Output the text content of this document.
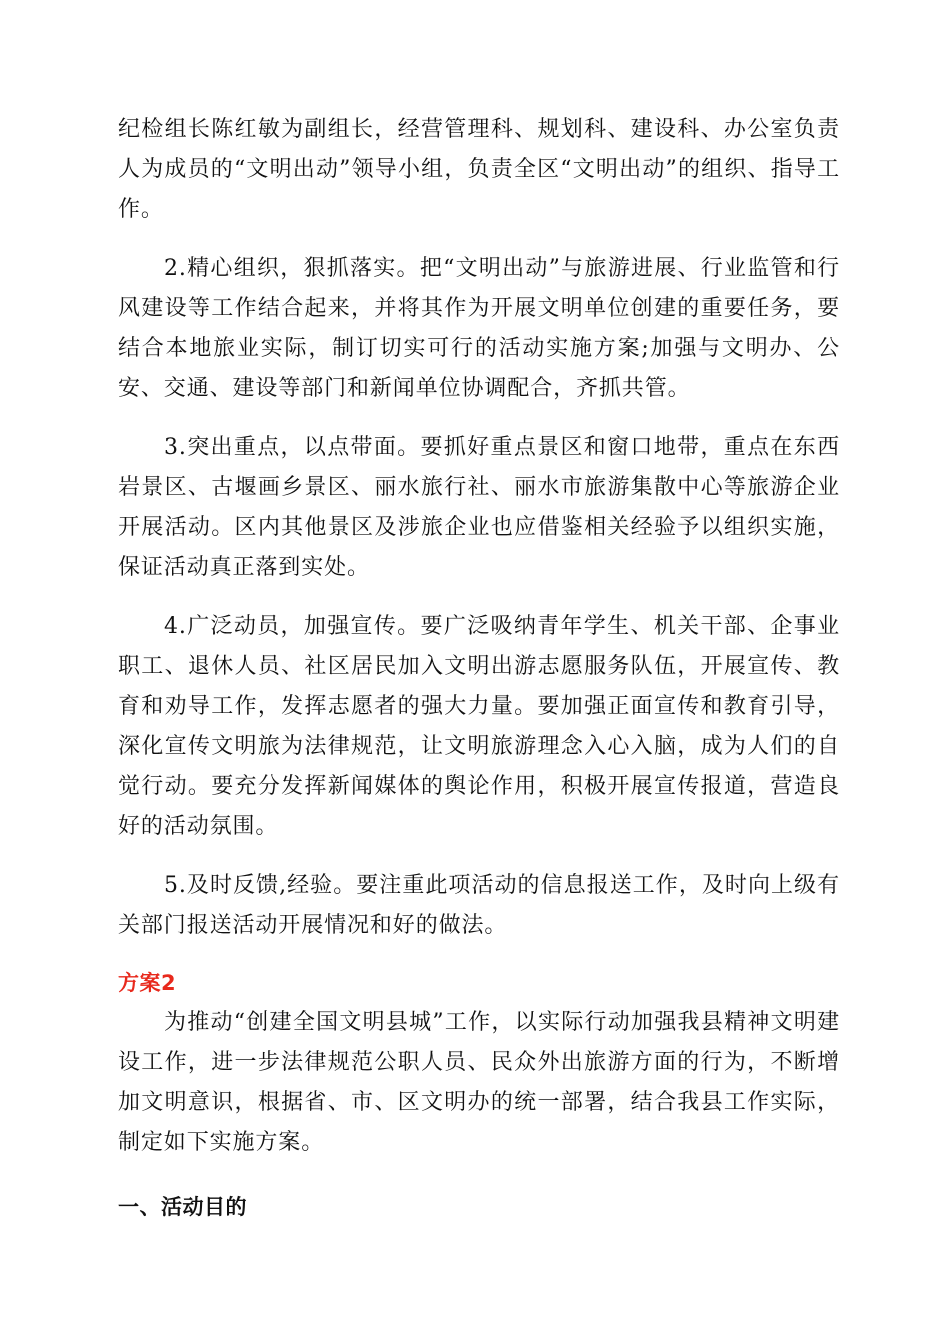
纪检组长陈红敏为副组长，经营管理科、规划科、建设科、办公室负责人为成员的“文明出动”领导小组，负责全区“文明出动”的组织、指导工作。

2.精心组织，狠抓落实。把“文明出动”与旅游进展、行业监管和行风建设等工作结合起来，并将其作为开展文明单位创建的重要任务，要结合本地旅业实际，制订切实可行的活动实施方案;加强与文明办、公安、交通、建设等部门和新闻单位协调配合，齐抓共管。

3.突出重点，以点带面。要抓好重点景区和窗口地带，重点在东西岩景区、古堰画乡景区、丽水旅行社、丽水市旅游集散中心等旅游企业开展活动。区内其他景区及涉旅企业也应借鉴相关经验予以组织实施，保证活动真正落到实处。

4.广泛动员，加强宣传。要广泛吸纳青年学生、机关干部、企事业职工、退休人员、社区居民加入文明出游志愿服务队伍，开展宣传、教育和劝导工作，发挥志愿者的强大力量。要加强正面宣传和教育引导，深化宣传文明旅为法律规范，让文明旅游理念入心入脑，成为人们的自觉行动。要充分发挥新闻媒体的舆论作用，积极开展宣传报道，营造良好的活动氛围。

5.及时反馈,经验。要注重此项活动的信息报送工作，及时向上级有关部门报送活动开展情况和好的做法。

方案2

为推动“创建全国文明县城”工作，以实际行动加强我县精神文明建设工作，进一步法律规范公职人员、民众外出旅游方面的行为，不断增加文明意识，根据省、市、区文明办的统一部署，结合我县工作实际，制定如下实施方案。

一、活动目的
